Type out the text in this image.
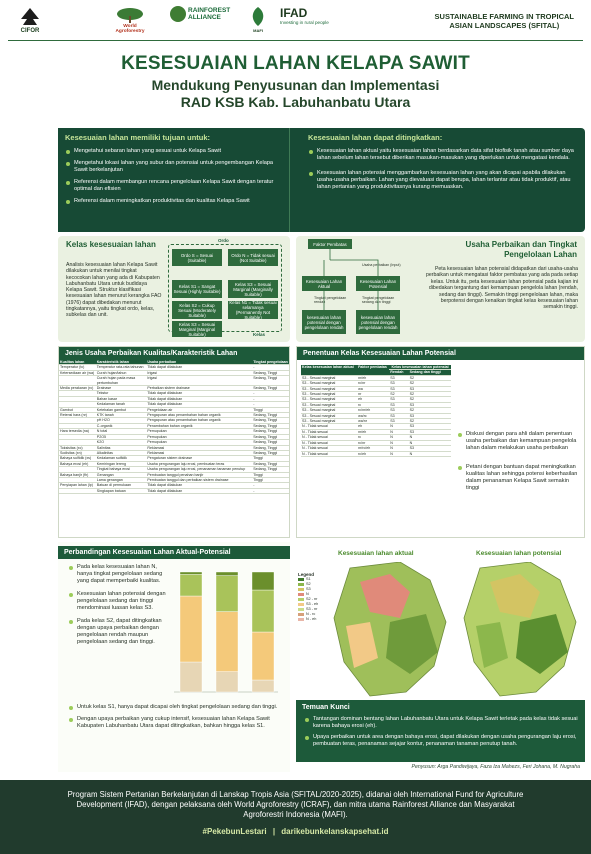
CIFOR
World Agroforestry
RAINFOREST ALLIANCE
MAFI
IFAD
Investing in rural people
SUSTAINABLE FARMING IN TROPICAL
ASIAN LANDSCAPES (SFITAL)
KESESUAIAN LAHAN KELAPA SAWIT
Mendukung Penyusunan dan Implementasi
RAD KSB Kab. Labuhanbatu Utara
Kesesuaian lahan memiliki tujuan untuk:
Mengetahui sebaran lahan yang sesuai untuk Kelapa Sawit
Mengetahui lokasi lahan yang subur dan potensial untuk pengembangan Kelapa Sawit berkelanjutan
Referensi dalam membangun rencana pengelolaan Kelapa Sawit dengan teratur optimal dan efisien
Referensi dalam meningkatkan produktivitas dan kualitas Kelapa Sawit
Kesesuaian lahan dapat ditingkatkan:
Kesesuaian lahan aktual yaitu kesesuaian lahan berdasarkan data sifat biofisik tanah atau sumber daya lahan sebelum lahan tersebut diberikan masukan-masukan yang diperlukan untuk mengatasi kendala.
Kesesuaian lahan potensial menggambarkan kesesuaian lahan yang akan dicapai apabila dilakukan usaha-usaha perbaikan. Lahan yang dievaluasi dapat berupa, lahan terlantar atau tidak produktif, atau lahan pertanian yang produktivitasnya kurang memuaskan.
Kelas kesesuaian lahan
Analisis kesesuaian lahan Kelapa Sawit dilakukan untuk menilai tingkat kecocokan lahan yang ada di Kabupaten Labuhanbatu Utara untuk budidaya Kelapa Sawit. Struktur klasifikasi kesesuaian lahan menurut kerangka FAO (1976) dapat dibedakan menurut tingkatannya, yaitu tingkat ordo, kelas, subkelas dan unit.
Ordo
Kelas
Ordo S = Sesuai (Suitable)
Ordo N = Tidak sesuai (Not Suitable)
Kelas S1 = Sangat Sesuai (Highly Suitable)
Kelas S3 = Sesuai Marginal (Marginally Suitable)
Kelas S2 = Cukup Sesuai (Moderately Suitable)
Kelas N1 = Tidak sesuai selamanya (Permanently Not Suitable)
Kelas S3 = Sesuai Marginal (Marginal Suitable)
Usaha Perbaikan dan Tingkat
Pengelolaan Lahan
Faktor Pembatas
Usaha perbaikan (Input)
Kesesuaian Lahan Aktual
Kesesuaian Lahan Potensial
Tingkat pengelolaan rendah
Tingkat pengelolaan sedang dan tinggi
kesesuaian lahan potensial dengan pengelolaan rendah
kesesuaian lahan potensial dengan pengelolaan rendah
Peta kesesuaian lahan potensial didapatkan dari usaha-usaha perbaikan untuk mengatasi faktor pembatas yang ada pada setiap kelas. Untuk itu, peta kesesuaian lahan potensial pada kajian ini dibedakan tergantung dari kemampuan pengelola lahan (rendah, sedang dan tinggi). Semakin tinggi pengelolaan lahan, maka berpotensi dengan kenaikan tingkat kelas kesesuaian lahan semakin tinggi.
Jenis Usaha Perbaikan Kualitas/Karakteristik Lahan
Kualitas lahan	Karakteristik lahan	Usaha perbaikan	Tingkat pengelolaan
Temperatur (tc)	Temperatur rata-rata tahunan	Tidak dapat dilakukan	-
Ketersediaan air (wa)	Curah hujan/tahun	Irigasi	Sedang, Tinggi
	Curah hujan pada masa pertumbuhan	Irigasi	Sedang, Tinggi
Media perakaran (rc)	Drainase	Perbaikan sistem drainase	Sedang, Tinggi
	Tekstur	Tidak dapat dilakukan	-
	Bahan kasar	Tidak dapat dilakukan	-
	Kedalaman tanah	Tidak dapat dilakukan	-
Gambut	Ketebalan gambut	Pengelolaan air	Tinggi
Retensi hara (nr)	KTK tanah	Pengapuran atau penambahan bahan organik	Sedang, Tinggi
	pH H2O	Pengapuran atau penambahan bahan organik	Sedang, Tinggi
	C-organik	Penambahan bahan organik	Sedang, Tinggi
Hara tersedia (na)	N total	Pemupukan	Sedang, Tinggi
	P2O5	Pemupukan	Sedang, Tinggi
	K2O	Pemupukan	Sedang, Tinggi
Toksisitas (xc)	Salinitas	Reklamasi	Sedang, Tinggi
Sodisitas (xn)	Alkalinitas	Reklamasi	Sedang, Tinggi
Bahaya sulfidik (xs)	Kedalaman sulfidik	Pengaturan sistem drainase	Tinggi
Bahaya erosi (eh)	Kemiringan lereng	Usaha pengurangan laju erosi, pembuatan teras	Sedang, Tinggi
	Tingkat bahaya erosi	Usaha pengurangan laju erosi, penanaman tanaman penutup	Sedang, Tinggi
Bahaya banjir (fh)	Genangan	Pembuatan tanggul penahan banjir	Tinggi
	Lama genangan	Pembuatan tanggul dan perbaikan sistem drainase	Tinggi
Penyiapan lahan (lp)	Batuan di permukaan	Tidak dapat dilakukan	-
	Singkapan batuan	Tidak dapat dilakukan	-
Penentuan Kelas Kesesuaian Lahan Potensial
Kelas kesesuaian lahan aktual	Faktor pembatas	Kelas kesesuaian lahan potensial	
		Rendah	Sedang dan tinggi
S3 - Sesuai marginal	nr/eh	S3	S2
S3 - Sesuai marginal	rc/nr	S3	S2
S3 - Sesuai marginal	wa	S3	S3
S3 - Sesuai marginal	nr	S2	S2
S3 - Sesuai marginal	eh	S3	S2
S3 - Sesuai marginal	rc	S3	S3
S3 - Sesuai marginal	rc/nr/eh	S3	S2
S3 - Sesuai marginal	wa/rc	S3	S3
S3 - Sesuai marginal	wa/nr	S3	S2
N - Tidak sesuai	eh	N	S3
N - Tidak sesuai	nr/eh	N	S3
N - Tidak sesuai	rc	N	N
N - Tidak sesuai	rc/nr	N	N
N - Tidak sesuai	nr/rc/eh	N	S3
N - Tidak sesuai	rc/eh	N	N
Diskusi dengan para ahli dalam penentuan usaha perbaikan dan kemampuan pengelola lahan dalam melakukan usaha perbaikan
Petani dengan bantuan dapat meningkatkan kualitas lahan sehingga potensi keberhasilan dalam penanaman Kelapa Sawit semakin tinggi
Perbandingan Kesesuaian Lahan Aktual-Potensial
Pada kelas kesesuaian lahan N, hanya tingkat pengelolaan sedang yang dapat memperbaiki kualitas.
Kesesuaian lahan potensial dengan pengelolaan sedang dan tinggi mendominasi luasan kelas S3.
Pada kelas S2, dapat ditingkatkan dengan upaya perbaikan dengan pengelolaan rendah maupun pengelolaan sedang dan tinggi.
Untuk kelas S1, hanya dapat dicapai oleh tingkat pengelolaan sedang dan tinggi.
Dengan upaya perbaikan yang cukup intensif, kesesuaian lahan Kelapa Sawit Kabupaten Labuhanbatu Utara dapat ditingkatkan, bahkan hingga kelas S1.
Kesesuaian lahan aktual	Kesesuaian lahan potensial
Legend
S1
S2
S3
N
S2 - nr
S3 - eh
S3 - nr
N - rc
N - eh
Temuan Kunci
Tantangan dominan bentang lahan Labuhanbatu Utara untuk Kelapa Sawit terletak pada kelas tidak sesuai karena bahaya erosi (eh).
Upaya perbaikan untuk area dengan bahaya erosi, dapat dilakukan dengan usaha pengurangan laju erosi, pembuatan teras, penanaman sejajar kontur, penanaman tanaman penutup tanah.
Penyusun: Arga Pandiwijaya, Faza Iza Mahezs, Feri Johana, M. Nugraha
Program Sistem Pertanian Berkelanjutan di Lanskap Tropis Asia (SFITAL/2020-2025), didanai oleh International Fund for Agriculture Development (IFAD), dengan pelaksana oleh World Agroforestry (ICRAF), dan mitra utama Rainforest Alliance dan Masyarakat Agroforestri Indonesia (MAFI).
#PekebunLestari | darikebunkelanskapsehat.id
